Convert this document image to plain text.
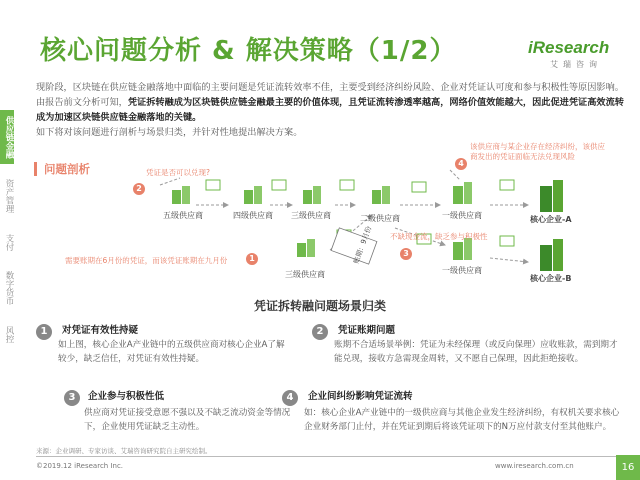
核心问题分析 & 解决策略（1/2）	iResearch
艾瑞咨询
供应链金融
资产管理
支付
数字货币
风控
现阶段，区块链在供应链金融落地中面临的主要问题是凭证流转效率不佳，主要受到经济纠纷风险、企业对凭证认可度和参与积极性等原因影响。由报告前文分析可知，凭证拆转融成为区块链供应链金融最主要的价值体现，且凭证流转渗透率越高，网络价值效能越大，因此促进凭证高效流转成为加速区块链供应链金融落地的关键。
如下将对该问题进行剖析与场景归类，并针对性地提出解决方案。
问题剖析
五级供应商	四级供应商 三级供应商	二级供应商	一级供应商
一级供应商
三级供应商
核心企业-A
核心企业-B
账期：9月份
2
凭证是否可以兑现?
1
需要账期在6月份的凭证，而该凭证账期在九月份
3
不缺现金流，缺乏参与积极性
4
该供应商与某企业存在经济纠纷，该供应商发出的凭证面临无法兑现风险
凭证拆转融问题场景归类
1	对凭证有效性持疑
如上图，核心企业A产业链中的五级供应商对核心企业A了解较少，缺乏信任，对凭证有效性持疑。
2	凭证账期问题
账期不合适场景举例：凭证为未经保理（或反向保理）应收账款，需到期才能兑现，接收方急需现金周转，又不愿自己保理，因此拒绝接收。
3	企业参与积极性低
供应商对凭证接受意愿不强以及不缺乏流动资金等情况下，企业使用凭证缺乏主动性。
4	企业间纠纷影响凭证流转
如：核心企业A产业链中的一级供应商与其他企业发生经济纠纷，有权机关要求核心企业财务部门止付，并在凭证到期后将该凭证项下的N万应付款支付至其他账户。
来源：企业调研、专家访谈、艾瑞咨询研究院自主研究绘制。
©2019.12 iResearch Inc.	www.iresearch.com.cn	16
